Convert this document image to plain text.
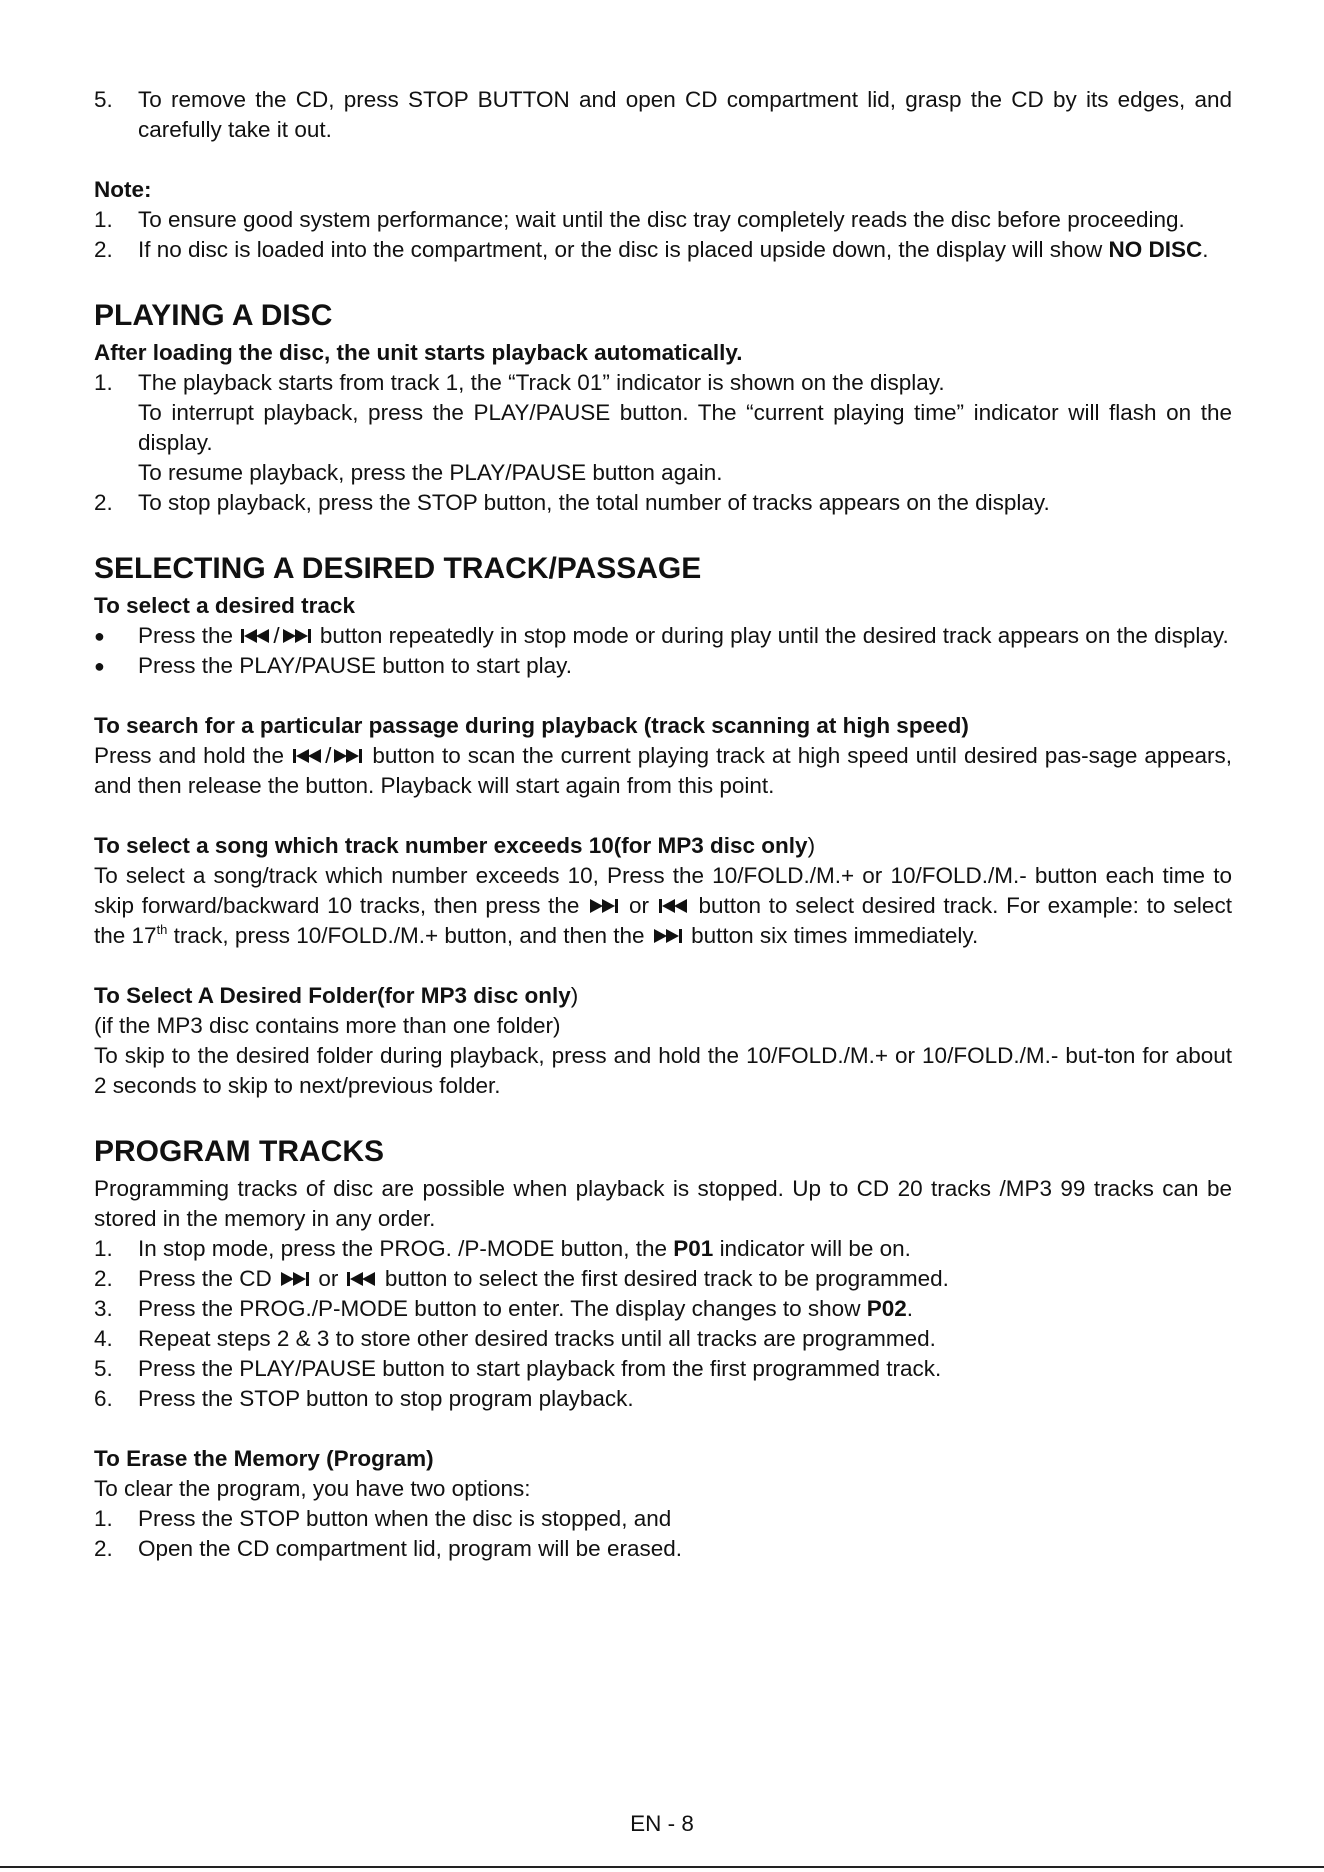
5. To remove the CD, press STOP BUTTON and open CD compartment lid, grasp the CD by its edges, and carefully take it out.

Note:

1. To ensure good system performance; wait until the disc tray completely reads the disc before proceeding.
2. If no disc is loaded into the compartment, or the disc is placed upside down, the display will show NO DISC.
PLAYING A DISC

After loading the disc, the unit starts playback automatically.

1. The playback starts from track 1, the “Track 01” indicator is shown on the display.

To interrupt playback, press the PLAY/PAUSE button. The “current playing time” indicator will flash on the display.

To resume playback, press the PLAY/PAUSE button again.

2. To stop playback, press the STOP button, the total number of tracks appears on the display.
SELECTING A DESIRED TRACK/PASSAGE

To select a desired track

● Press the / button repeatedly in stop mode or during play until the desired track appears on the display.
● Press the PLAY/PAUSE button to start play.

To search for a particular passage during playback (track scanning at high speed)

Press and hold the / button to scan the current playing track at high speed until desired pas-sage appears, and then release the button. Playback will start again from this point.

To select a song which track number exceeds 10(for MP3 disc only)

To select a song/track which number exceeds 10, Press the 10/FOLD./M.+ or 10/FOLD./M.- button each time to skip forward/backward 10 tracks, then press the or button to select desired track. For example: to select the 17th track, press 10/FOLD./M.+ button, and then the button six times immediately.

To Select A Desired Folder(for MP3 disc only)

(if the MP3 disc contains more than one folder)

To skip to the desired folder during playback, press and hold the 10/FOLD./M.+ or 10/FOLD./M.- but-ton for about 2 seconds to skip to next/previous folder.

PROGRAM TRACKS

Programming tracks of disc are possible when playback is stopped. Up to CD 20 tracks /MP3 99 tracks can be stored in the memory in any order.

1. In stop mode, press the PROG. /P-MODE button, the P01 indicator will be on.
2. Press the CD or button to select the first desired track to be programmed.
3. Press the PROG./P-MODE button to enter. The display changes to show P02.
4. Repeat steps 2 & 3 to store other desired tracks until all tracks are programmed.
5. Press the PLAY/PAUSE button to start playback from the first programmed track.
6. Press the STOP button to stop program playback.

To Erase the Memory (Program)

To clear the program, you have two options:

1. Press the STOP button when the disc is stopped, and
2. Open the CD compartment lid, program will be erased.
EN - 8
